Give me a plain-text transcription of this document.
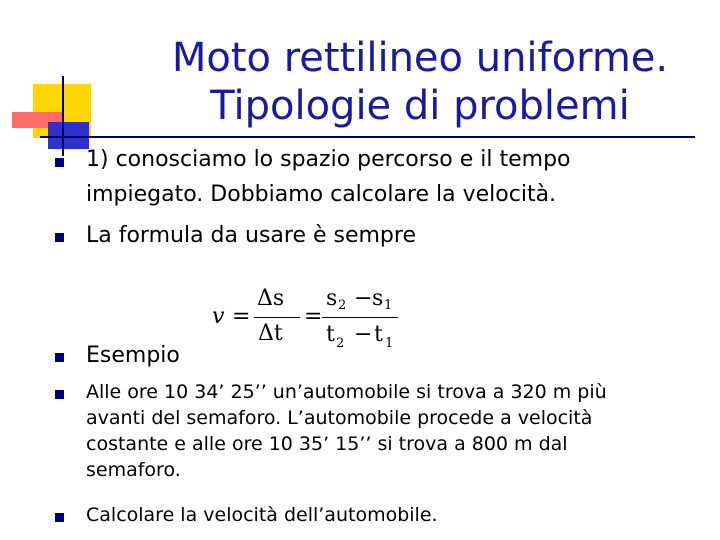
Moto rettilineo uniforme.
Tipologie di problemi
1) conosciamo lo spazio percorso e il tempo
impiegato. Dobbiamo calcolare la velocità.
La formula da usare è sempre
v =
Δs
Δt
=
s 2 − s 1
t 2 − t 1
Esempio
Alle ore 10 34’ 25’’ un’automobile si trova a 320 m più
avanti del semaforo. L’automobile procede a velocità
costante e alle ore 10 35’ 15’’ si trova a 800 m dal
semaforo.
Calcolare la velocità dell’automobile.
